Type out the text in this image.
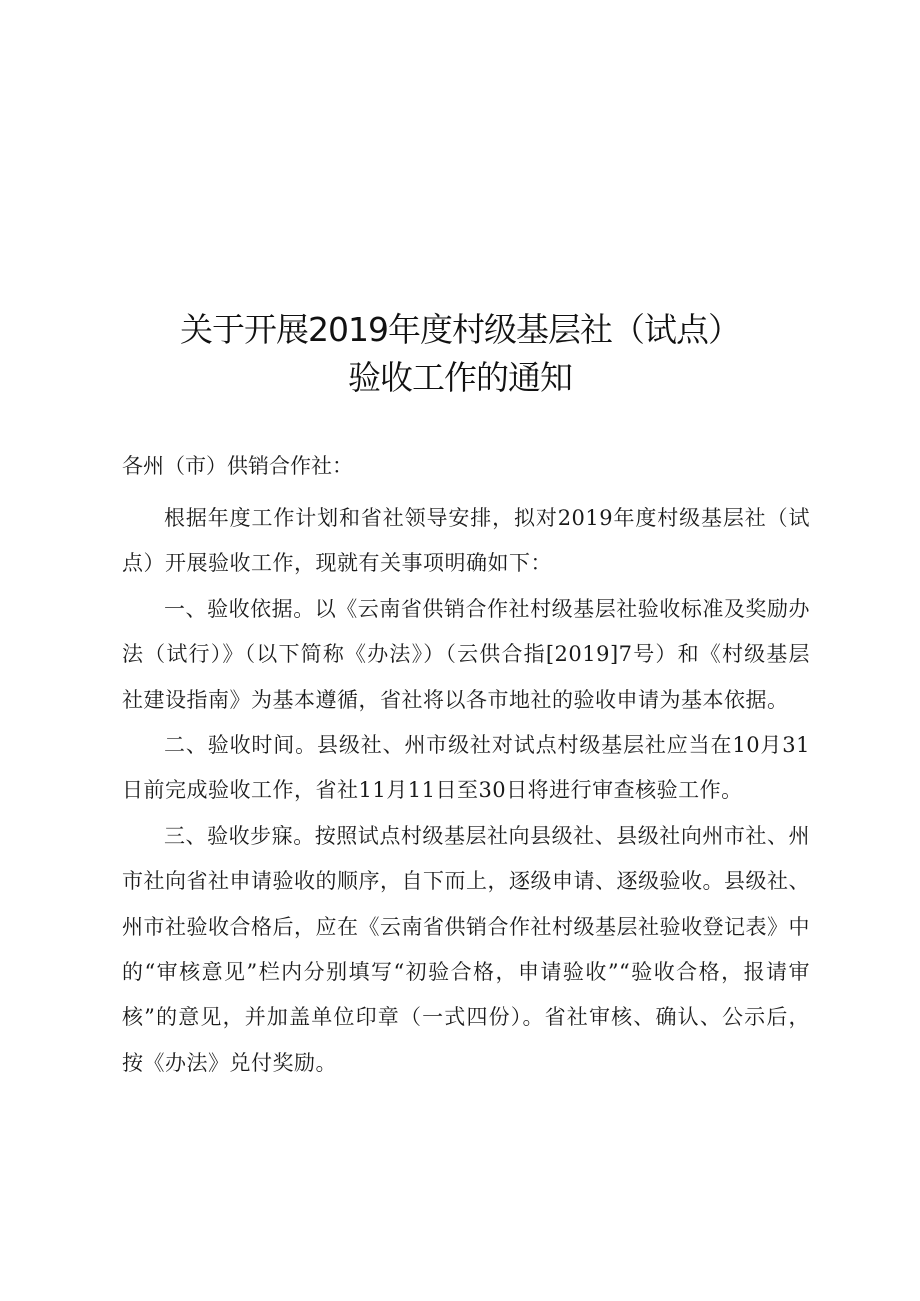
关于开展2019年度村级基层社（试点）
验收工作的通知
各州（市）供销合作社：

根据年度工作计划和省社领导安排，拟对2019年度村级基层社（试点）开展验收工作，现就有关事项明确如下：

一、验收依据。以《云南省供销合作社村级基层社验收标准及奖励办法（试行）》（以下简称《办法》）（云供合指[2019]7号）和《村级基层社建设指南》为基本遵循，省社将以各市地社的验收申请为基本依据。

二、验收时间。县级社、州市级社对试点村级基层社应当在10月31日前完成验收工作，省社11月11日至30日将进行审查核验工作。

三、验收步寐。按照试点村级基层社向县级社、县级社向州市社、州市社向省社申请验收的顺序，自下而上，逐级申请、逐级验收。县级社、州市社验收合格后，应在《云南省供销合作社村级基层社验收登记表》中的“审核意见”栏内分别填写“初验合格，申请验收”“验收合格，报请审核”的意见，并加盖单位印章（一式四份）。省社审核、确认、公示后，按《办法》兑付奖励。
